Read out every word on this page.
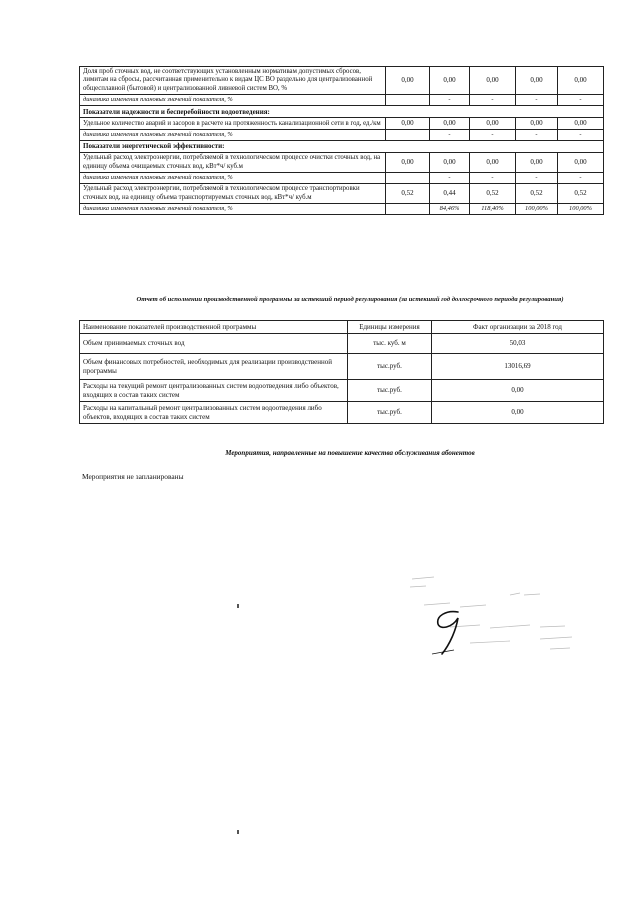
Доля проб сточных вод, не соответствующих установленным нормативам допустимых сбросов, лимитам на сбросы, рассчитанная применительно к видам ЦС ВО раздельно для централизованной общесплавной (бытовой) и централизованной ливневой систем ВО, %	0,00	0,00	0,00	0,00	0,00
динамика изменения плановых значений показателя, %		-	-	-	-
Показатели надежности и бесперебойности водоотведения:					
Удельное количество аварий и засоров в расчете на протяженность канализационной сети в год, ед./км	0,00	0,00	0,00	0,00	0,00
динамика изменения плановых значений показателя, %		-	-	-	-
Показатели энергетической эффективности:					
Удельный расход электроэнергии, потребляемой в технологическом процессе очистки сточных вод, на единицу объема очищаемых сточных вод, кВт*ч/ куб.м	0,00	0,00	0,00	0,00	0,00
динамика изменения плановых значений показателя, %		-	-	-	-
Удельный расход электроэнергии, потребляемой в технологическом процессе транспортировки сточных вод, на единицу объема транспортируемых сточных вод, кВт*ч/ куб.м	0,52	0,44	0,52	0,52	0,52
динамика изменения плановых значений показателя, %		84,46%	118,40%	100,00%	100,00%
Отчет об исполнении производственной программы за истекший период регулирования (за истекший год долгосрочного периода регулирования)
Наименование показателей производственной программы	Единицы измерения	Факт организации за 2018 год
Объем принимаемых сточных вод	тыс. куб. м	50,03
Объем финансовых потребностей, необходимых для реализации производственной программы	тыс.руб.	13016,69
Расходы на текущий ремонт централизованных систем водоотведения либо объектов, входящих в состав таких систем	тыс.руб.	0,00
Расходы на капитальный ремонт централизованных систем водоотведения либо объектов, входящих в состав таких систем	тыс.руб.	0,00
Мероприятия, направленные на повышение качества обслуживания абонентов
Мероприятия не запланированы
